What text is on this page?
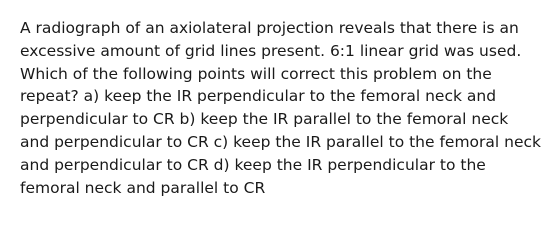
A radiograph of an axiolateral projection reveals that there is an excessive amount of grid lines present. 6:1 linear grid was used. Which of the following points will correct this problem on the repeat? a) keep the IR perpendicular to the femoral neck and perpendicular to CR b) keep the IR parallel to the femoral neck and perpendicular to CR c) keep the IR parallel to the femoral neck and perpendicular to CR d) keep the IR perpendicular to the femoral neck and parallel to CR
